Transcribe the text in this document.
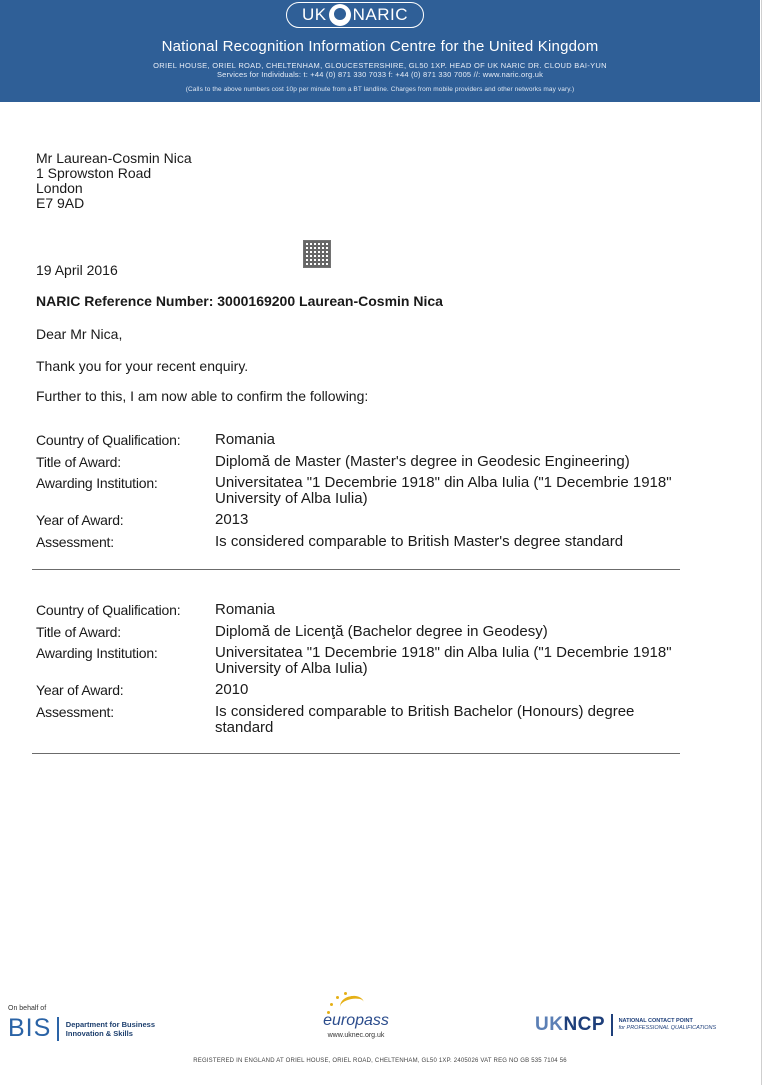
UK NARIC
National Recognition Information Centre for the United Kingdom
ORIEL HOUSE, ORIEL ROAD, CHELTENHAM, GLOUCESTERSHIRE, GL50 1XP. HEAD OF UK NARIC DR. CLOUD BAI-YUN
Services for Individuals: t: +44 (0) 871 330 7033 f: +44 (0) 871 330 7005 //: www.naric.org.uk
(Calls to the above numbers cost 10p per minute from a BT landline. Charges from mobile providers and other networks may vary.)
Mr Laurean-Cosmin Nica
1 Sprowston Road
London
E7 9AD
19 April 2016
NARIC Reference Number: 3000169200 Laurean-Cosmin Nica
Dear Mr Nica,
Thank you for your recent enquiry.
Further to this, I am now able to confirm the following:
Country of Qualification:	Romania
Title of Award:	Diplomă de Master (Master's degree in Geodesic Engineering)
Awarding Institution:	Universitatea "1 Decembrie 1918" din Alba Iulia ("1 Decembrie 1918" University of Alba Iulia)
Year of Award:	2013
Assessment:	Is considered comparable to British Master's degree standard
Country of Qualification:	Romania
Title of Award:	Diplomă de Licenţă (Bachelor degree in Geodesy)
Awarding Institution:	Universitatea "1 Decembrie 1918" din Alba Iulia ("1 Decembrie 1918" University of Alba Iulia)
Year of Award:	2010
Assessment:	Is considered comparable to British Bachelor (Honours) degree standard
On behalf of
BIS Department for Business
Innovation & Skills
europass
www.uknec.org.uk
UKNCP NATIONAL CONTACT POINT
for PROFESSIONAL QUALIFICATIONS
REGISTERED IN ENGLAND AT ORIEL HOUSE, ORIEL ROAD, CHELTENHAM, GL50 1XP. 2405026 VAT REG NO GB 535 7104 56
